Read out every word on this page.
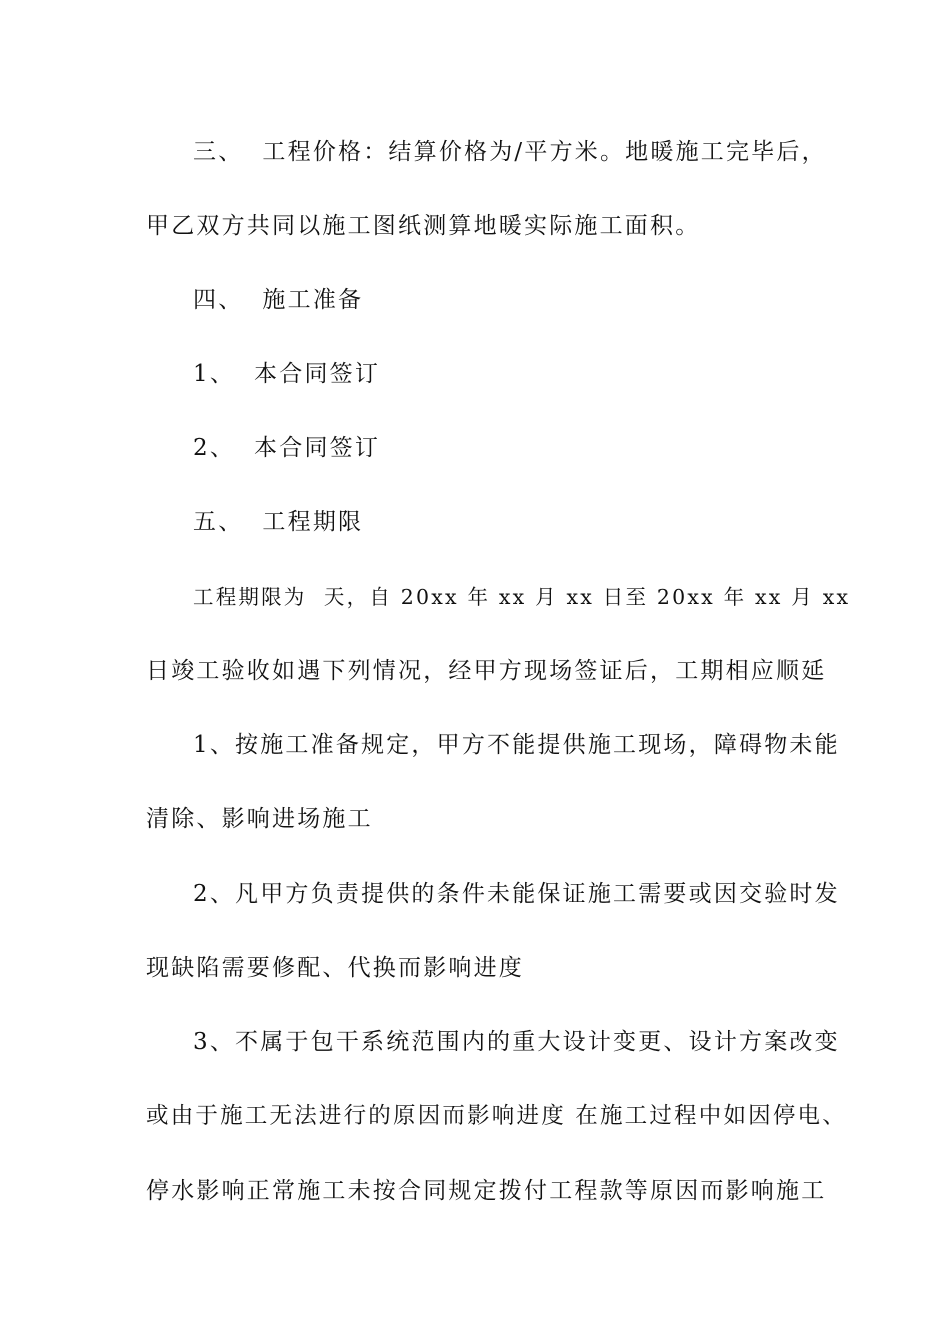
三、  工程价格：结算价格为/平方米。地暖施工完毕后，
甲乙双方共同以施工图纸测算地暖实际施工面积。
四、  施工准备
1、  本合同签订
2、  本合同签订
五、  工程期限
工程期限为  天，自 20xx 年 xx 月 xx 日至 20xx 年 xx 月 xx
日竣工验收如遇下列情况，经甲方现场签证后，工期相应顺延
1、按施工准备规定，甲方不能提供施工现场，障碍物未能
清除、影响进场施工
2、凡甲方负责提供的条件未能保证施工需要或因交验时发
现缺陷需要修配、代换而影响进度
3、不属于包干系统范围内的重大设计变更、设计方案改变
或由于施工无法进行的原因而影响进度 在施工过程中如因停电、
停水影响正常施工未按合同规定拨付工程款等原因而影响施工
